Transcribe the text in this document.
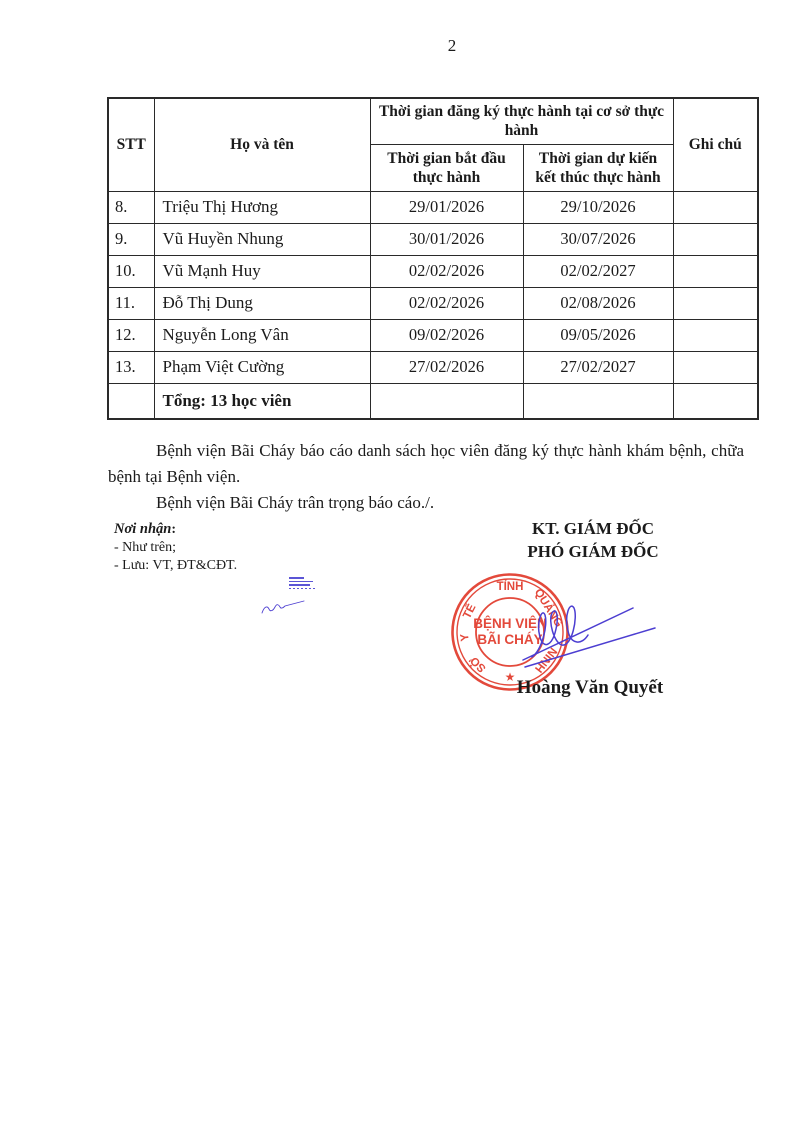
2
STT	Họ và tên	Thời gian đăng ký thực hành tại cơ sở thực hành		Ghi chú
		Thời gian bắt đầu thực hành	Thời gian dự kiến kết thúc thực hành	
8.	Triệu Thị Hương	29/01/2026	29/10/2026	
9.	Vũ Huyền Nhung	30/01/2026	30/07/2026	
10.	Vũ Mạnh Huy	02/02/2026	02/02/2027	
11.	Đỗ Thị Dung	02/02/2026	02/08/2026	
12.	Nguyễn Long Vân	09/02/2026	09/05/2026	
13.	Phạm Việt Cường	27/02/2026	27/02/2027	
	Tổng: 13 học viên			
Bệnh viện Bãi Cháy báo cáo danh sách học viên đăng ký thực hành khám bệnh, chữa bệnh tại Bệnh viện.
Bệnh viện Bãi Cháy trân trọng báo cáo./.
Nơi nhận:
- Như trên;
- Lưu: VT, ĐT&CĐT.
KT. GIÁM ĐỐC
PHÓ GIÁM ĐỐC
SỞ
Y
TẾ
TỈNH QUẢNG
NINH
BỆNH VIỆN
BÃI CHÁY
★ Hoàng Văn Quyết
